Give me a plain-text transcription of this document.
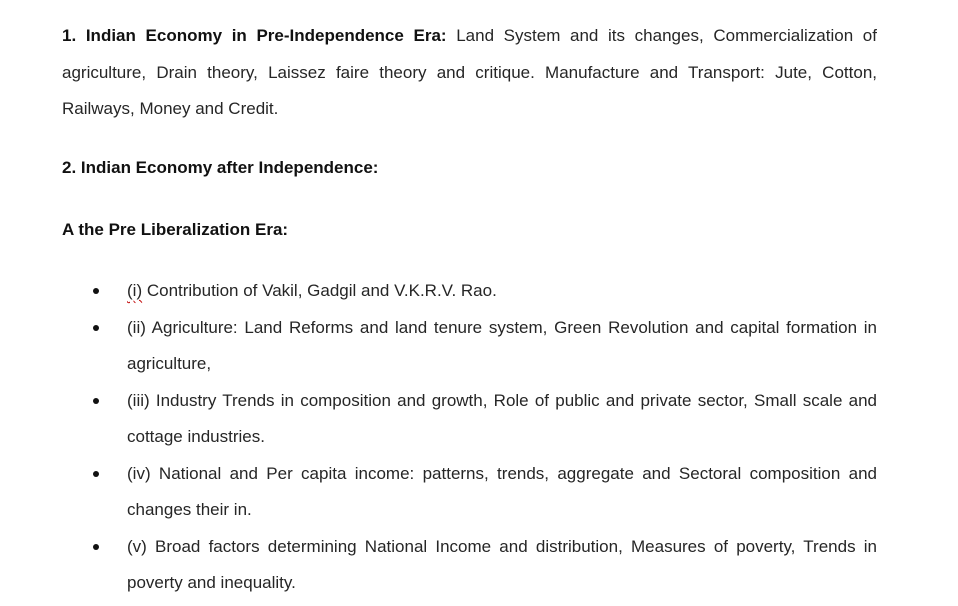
1. Indian Economy in Pre-Independence Era: Land System and its changes, Commercialization of agriculture, Drain theory, Laissez faire theory and critique. Manufacture and Transport: Jute, Cotton, Railways, Money and Credit.

2. Indian Economy after Independence:

A the Pre Liberalization Era:

(i) Contribution of Vakil, Gadgil and V.K.R.V. Rao.
(ii) Agriculture: Land Reforms and land tenure system, Green Revolution and capital formation in agriculture,
(iii) Industry Trends in composition and growth, Role of public and private sector, Small scale and cottage industries.
(iv) National and Per capita income: patterns, trends, aggregate and Sectoral composition and changes their in.
(v) Broad factors determining National Income and distribution, Measures of poverty, Trends in poverty and inequality.
